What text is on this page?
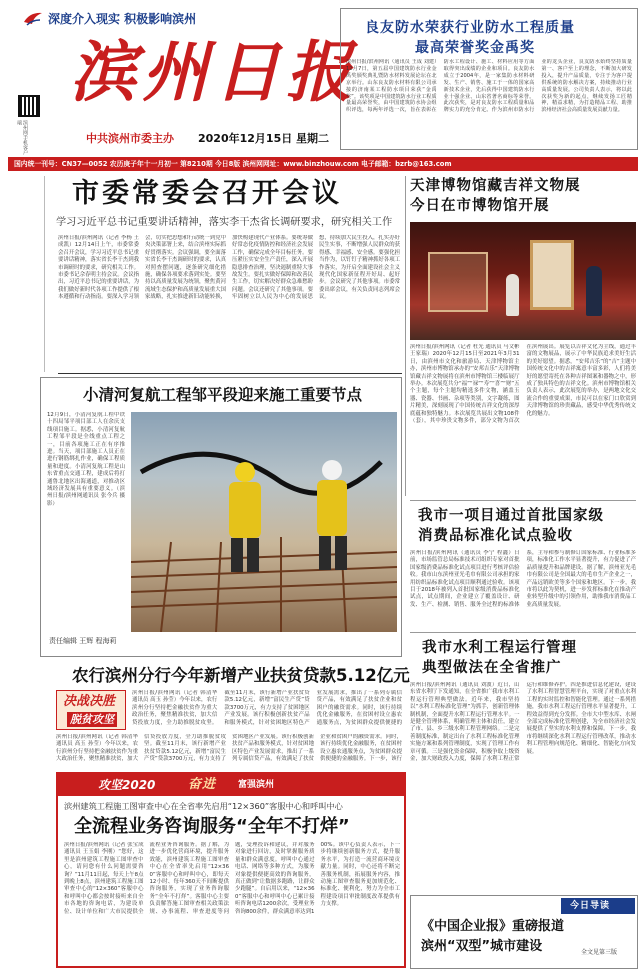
深度介入现实 积极影响滨州
滨州日报
滨州网手机客户端
中共滨州市委主办 2020年12月15日 星期二
良友防水荣获行业防水工程质量
最高荣誉奖金禹奖
滨州日报/滨州网讯（通讯员 王成 刘建）12月7日，第五届中国建筑防水行业金禹奖颁奖典礼暨防水材料发展论坛在北京举行。山东良友防水材料有限公司承接的济南某工程防水项目荣获“金禹奖”。该奖项是中国建筑防水行业工程质量最高荣誉奖，由中国建筑防水协会组织评选，每两年评选一次，旨在表彰在防水工程设计、施工、材料应用等方面取得突出成绩的企业和项目。良友防水成立于2004年，是一家集防水材料研发、生产、销售、施工于一体的国家高新技术企业，先后获得中国建筑防水行业十强企业、山东省著名商标等荣誉。此次获奖，是对良友防水工程质量和品牌实力的充分肯定。作为滨州市防水行业的龙头企业，良友防水始终坚持质量第一、客户至上的理念，不断加大研发投入，提升产品质量，专注于为客户提供系统的防水解决方案，持续推动行业高质量发展。公司负责人表示，将以此次获奖为新的起点，继续发扬工匠精神，精益求精，为打造精品工程、助推滨州经济社会高质量发展贡献力量。
国内统一刊号：CN37—0052 农历庚子年十一月初一 第8210期 今日8版 滨州网网址：www.binzhouw.com 电子邮箱：bzrb@163.com
市委常委会召开会议
学习习近平总书记重要讲话精神，落实李干杰省长调研要求，研究相关工作
滨州日报/滨州网讯（记者 李杨 王成凯）12月14日上午，市委常委会召开会议，学习习近平总书记重要讲话精神，落实省长李干杰到我市调研时的要求，研究相关工作。市委书记佘春明主持会议。会议指出，习近平总书记的重要讲话，为我们做好新时代各项工作提供了根本遵循和行动指南。要深入学习领会，切实把思想和行动统一到党中央决策部署上来，结合滨州实际抓好贯彻落实。会议强调，要全面落实省长李干杰调研时的要求，认真对照查摆问题，逐条研究细化措施，确保各项要求落到实处。要坚持以高质量发展为统领，聚焦黄河流域生态保护和高质量发展重大国家战略，扎实推进新旧动能转换，加快构建现代产业体系。要统筹做好常态化疫情防控和经济社会发展工作，确保完成全年目标任务。要压紧压实安全生产责任，深入开展隐患排查治理，坚决遏制重特大事故发生。要扎实做好保障和改善民生工作，切实解决好群众急难愁盼问题。会议还研究了其他事项。要牢固树立以人民为中心的发展思想，持续加大民生投入，扎实办好民生实事，不断增强人民群众的获得感、幸福感、安全感。要强化担当作为，以钉钉子精神抓好各项工作落实，为开启全面建设社会主义现代化国家新征程开好局、起好步。会议研究了其他事项。市委常委出席会议，有关负责同志列席会议。
天津博物馆藏吉祥文物展
今日在市博物馆开展
滨州日报/滨州网讯（记者 杜光 通讯员 马文彬 王家瑞）2020年12月15日至2021年3月31日，由滨州市文化和旅游局、天津博物馆主办，滨州市博物馆承办的“安邦吉乐”天津博物馆藏吉祥文物展将在滨州市博物馆三楼临展厅举办。本次展览共分“福”“禄”“寿”“喜”“财”五个主题，每个主题均精选多件文物，涵盖玉器、瓷器、书画、杂项等类别，文字凝练，图片精美，深刻展现了中国传统吉祥文化的深厚底蕴和独特魅力。本次展览共展出文物108件（套），其中珍贵文物多件，部分文物为首次在滨州展出。展览以吉祥文化为主线，通过丰富的文物展品，展示了中华民族追求美好生活的美好愿望。据悉，“安邦吉乐”的“吉”主题中国传统文化中的吉祥寓意丰富多彩，人们将美好的愿望寄托在各种吉祥图案和器物之中，形成了独具特色的吉祥文化。滨州市博物馆相关负责人表示，此次展览的举办，是两地文化交流合作的重要成果，市民可以在家门口欣赏到天津博物馆的珍贵藏品，感受中华优秀传统文化的魅力。
小清河复航工程邹平段迎来施工重要节点
12月9日，小清河复航工程中铁十四局邹平项目部工人在余庆支线项目施工。据悉，小清河复航工程邹平段是全线重点工程之一，目前各项施工正在有序推进。当天，项目部施工人员正在进行钢筋绑扎作业，确保工程质量和进度。小清河复航工程是山东省重点交通工程，建成后将打通鲁北地区出海通道，对推动区域经济发展具有重要意义。（滨州日报/滨州网通讯员 张今兵 摄影）
责任编辑 王辉 程海莉
农行滨州分行今年新增产业扶贫贷款5.12亿元
决战决胜
脱贫攻坚
滨州日报/滨州网讯（记者 韩清华 通讯员 高玉 孙莹）今年以来，农行滨州分行坚持把金融扶贫作为重大政治任务，聚焦精准扶贫，加大信贷投放力度，全力助推脱贫攻坚。截至11月末，该行新增产业扶贫贷款5.12亿元，新增“富民生产贷”贷款3700万元，有力支持了贫困地区产业发展。该行积极创新扶贫产品和服务模式，针对贫困地区特色产业发展需求，推出了一系列专属信贷产品，有效满足了扶贫企业和贫困户的融资需求。同时，该行持续优化金融服务，在贫困村设立惠农通服务点，为贫困群众提供便捷的金融服务。下一步，该行
滨州日报/滨州网讯（记者 韩清华 通讯员 高玉 孙莹）今年以来，农行滨州分行坚持把金融扶贫作为重大政治任务，聚焦精准扶贫，加大信贷投放力度，全力助推脱贫攻坚。截至11月末，该行新增产业扶贫贷款5.12亿元，新增“富民生产贷”贷款3700万元，有力支持了贫困地区产业发展。该行积极创新扶贫产品和服务模式，针对贫困地区特色产业发展需求，推出了一系列专属信贷产品，有效满足了扶贫企业和贫困户的融资需求。同时，该行持续优化金融服务，在贫困村设立惠农通服务点，为贫困群众提供便捷的
我市一项目通过首批国家级
消费品标准化试点验收
滨州日报/滨州网讯（通讯员 李宁 程鑫）日前，市场监管总局标准技术司组织专家对首批国家级消费品标准化试点项目进行考核评估验收。我市山东滨州亚光毛巾有限公司承担的家用纺织品标准化试点项目顺利通过验收。该项目于2018年被列入首批国家级消费品标准化试点，试点期间，企业建立了覆盖设计、研发、生产、检测、销售、服务全过程的标准体系，主导和参与制修订国家标准、行业标准多项，标准化工作水平显著提升，有力促进了产品质量提升和品牌建设。据了解，滨州亚光毛巾有限公司是全国最大的毛巾生产企业之一，产品远销欧美等多个国家和地区。下一步，我市将以此为契机，进一步发挥标准化在推动产业转型升级中的引领作用，助推我市消费品工业高质量发展。
我市水利工程运行管理
典型做法在全省推广
滨州日报/滨州网讯（通讯员 刘波）近日，山东省水利厅下发通知，在全省推广我市水利工程运行管理典型做法。近年来，我市坚持以“水利工程标准化管理”为抓手，创新管理体制机制，全面提升水利工程运行管理水平。一是健全管理体系，明确管理主体和责任，建立了市、县、乡三级水利工程管理网络。二是完善制度标准，制定出台了水利工程标准化管理实施方案和系列管理制度，实现了管理工作有章可循。三是强化资金保障，积极争取上级资金，加大财政投入力度，保障了水利工程正常运行和维修养护。四是推进信息化建设，建设了水利工程智慧管理平台，实现了对重点水利工程的实时监控和智能化管理。通过一系列措施，我市水利工程运行管理水平显著提升，工程效益得到充分发挥。全市大中型水库、水闸全部完成标准化管理创建，为全市经济社会发展提供了坚实的水利支撑和保障。下一步，我市将继续深化水利工程运行管理改革，推动水利工程管理向规范化、精细化、智能化方向发展。
攻坚2020	奋进 富强滨州
滨州建筑工程施工图审查中心在全省率先启用“12×360”客服中心和呼叫中心
全流程业务咨询服务“全年不打烊”
滨州日报/滨州网讯（记者 张宝成 通讯员 王玉娟 李刚）“您好，这里是滨州建筑工程施工图审查中心，请问您有什么问题需要咨询？”11月11日起，每天上午8点到晚上8点，滨州建筑工程施工图审查中心的“12×360”客服中心和呼叫中心都会按时接听来自全市各地的咨询电话，为建设单位、设计单位和广大市民提供全流程业务咨询服务。据了解，为进一步优化营商环境，提升服务效能，滨州建筑工程施工图审查中心在全省率先启用“12×360”客服中心和呼叫中心，即每天12小时、每年360天不间断提供咨询服务，实现了业务咨询服务“全年不打烊”。客服中心主要负责解答施工图审查相关政策法规、办事流程、审查进度等问题，受理投诉和建议，并对服务对象进行回访，及时掌握服务质量和群众满意度。呼叫中心通过电话、网络等多种方式，为服务对象提供便捷高效的咨询服务，真正做到“让数据多跑路，让群众少跑腿”。自启用以来，“12×360”客服中心和呼叫中心已累计接听咨询电话1200余次，受理业务咨询800余件，群众满意率达到100%。该中心负责人表示，下一步将继续创新服务方式，提升服务水平，为打造一流营商环境贡献力量。同时，中心还将不断完善服务机制，拓展服务内容，推动施工图审查服务更加规范化、标准化、便利化，努力为全市工程建设项目审批制度改革提供有力支撑。	今日导读
《中国企业报》重磅报道
滨州“双型”城市建设	全文见第三版
